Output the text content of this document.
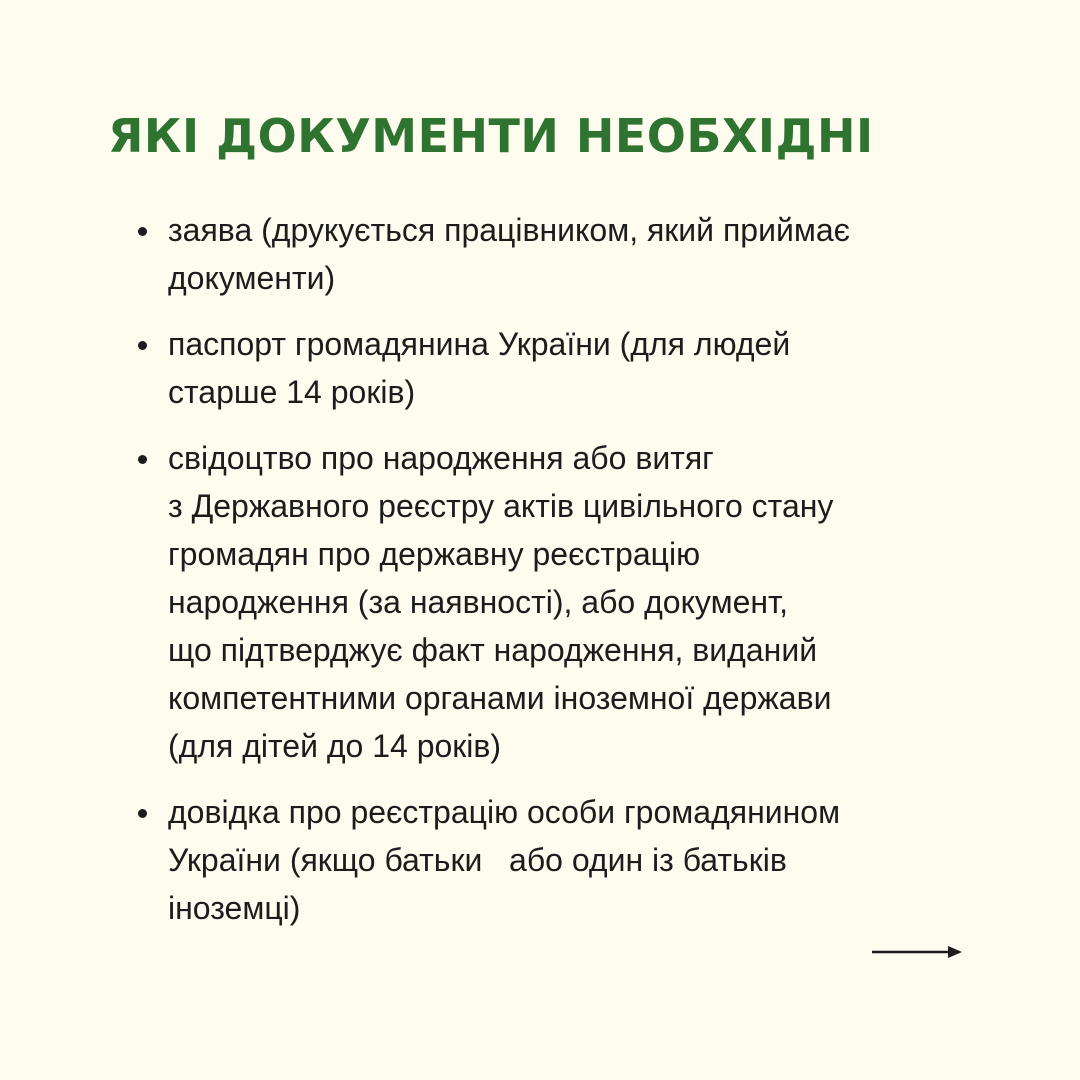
ЯКІ ДОКУМЕНТИ НЕОБХІДНІ
заява (друкується працівником, який приймає
документи)
паспорт громадянина України (для людей
старше 14 років)
свідоцтво про народження або витяг
з Державного реєстру актів цивільного стану
громадян про державну реєстрацію
народження (за наявності), або документ,
що підтверджує факт народження, виданий
компетентними органами іноземної держави
(для дітей до 14 років)
довідка про реєстрацію особи громадянином
України (якщо батьки   або один із батьків
іноземці)
